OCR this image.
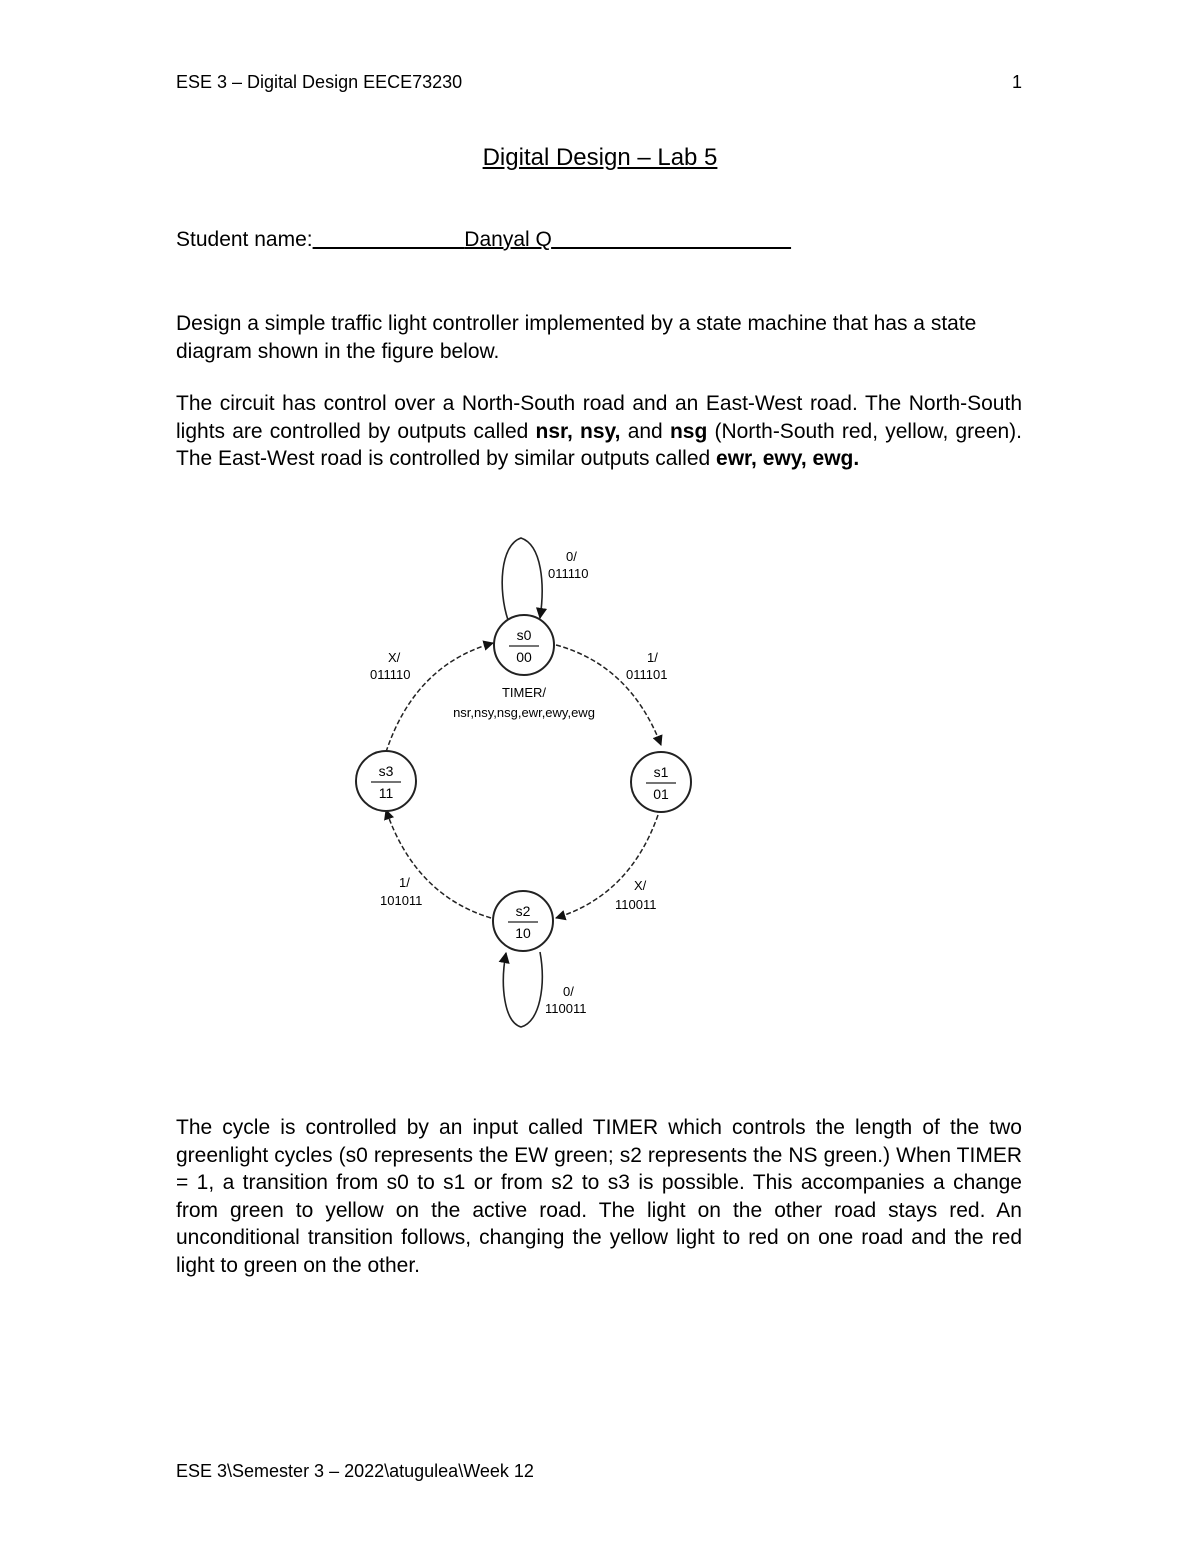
ESE 3 – Digital Design EECE73230	1
Digital Design – Lab 5
Student name:	Danyal Q
Design a simple traffic light controller implemented by a state machine that has a state diagram shown in the figure below.
The circuit has control over a North-South road and an East-West road. The North-South lights are controlled by outputs called nsr, nsy, and nsg (North-South red, yellow, green). The East-West road is controlled by similar outputs called ewr, ewy, ewg.
s0
00
s1
01
s2
10
s3
11
TIMER/
nsr,nsy,nsg,ewr,ewy,ewg
0/
011110
1/
011101
X/
011110
1/
101011
X/
110011
0/
110011
The cycle is controlled by an input called TIMER which controls the length of the two greenlight cycles (s0 represents the EW green; s2 represents the NS green.) When TIMER = 1, a transition from s0 to s1 or from s2 to s3 is possible. This accompanies a change from green to yellow on the active road. The light on the other road stays red. An unconditional transition follows, changing the yellow light to red on one road and the red light to green on the other.
ESE 3\Semester 3 – 2022\atugulea\Week 12
